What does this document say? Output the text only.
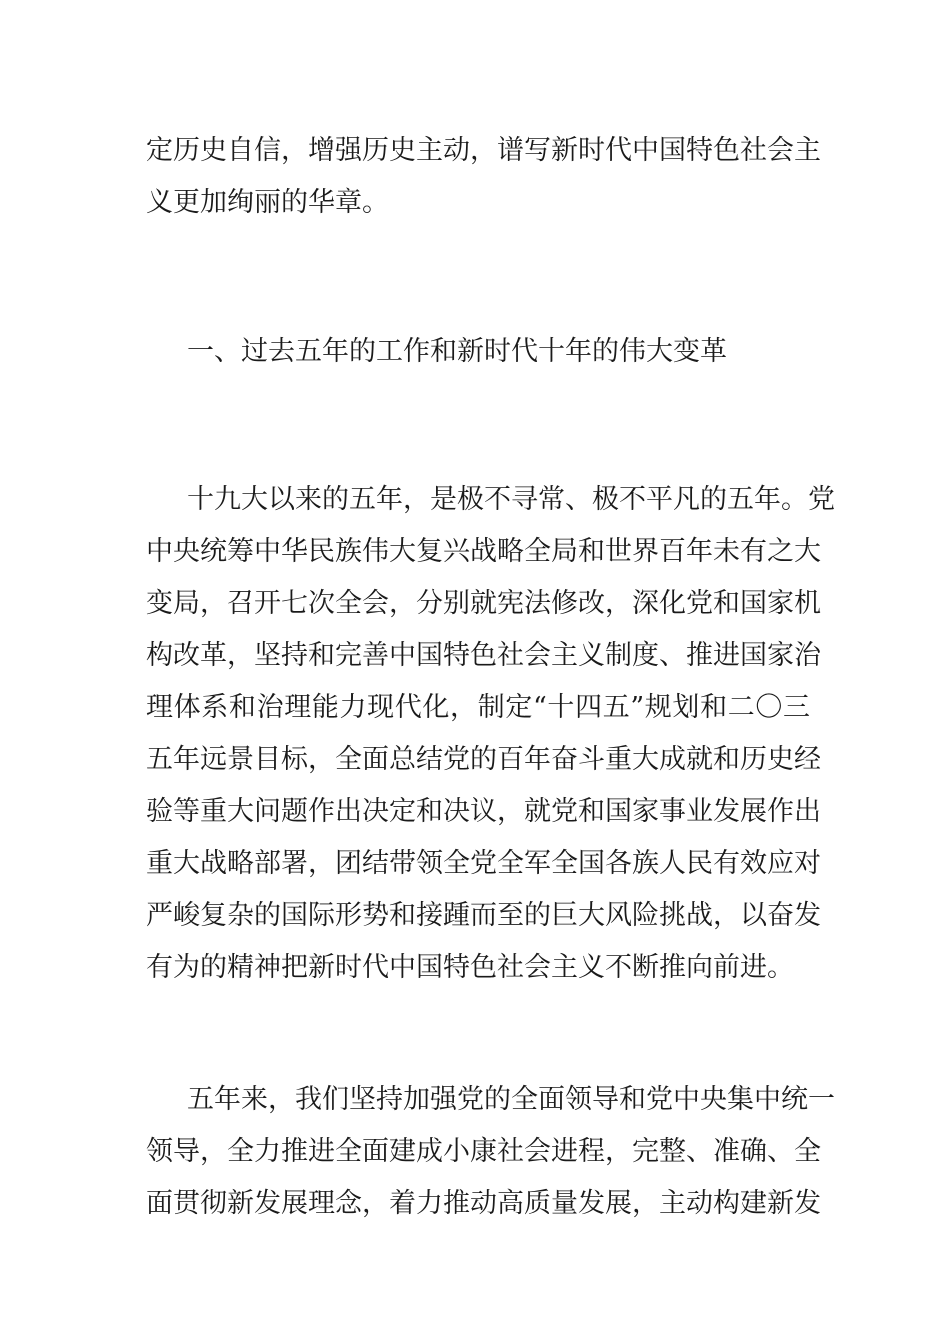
定历史自信，增强历史主动，谱写新时代中国特色社会主
义更加绚丽的华章。
一、过去五年的工作和新时代十年的伟大变革
十九大以来的五年，是极不寻常、极不平凡的五年。党
中央统筹中华民族伟大复兴战略全局和世界百年未有之大
变局，召开七次全会，分别就宪法修改，深化党和国家机
构改革，坚持和完善中国特色社会主义制度、推进国家治
理体系和治理能力现代化，制定“十四五”规划和二〇三
五年远景目标，全面总结党的百年奋斗重大成就和历史经
验等重大问题作出决定和决议，就党和国家事业发展作出
重大战略部署，团结带领全党全军全国各族人民有效应对
严峻复杂的国际形势和接踵而至的巨大风险挑战，以奋发
有为的精神把新时代中国特色社会主义不断推向前进。
五年来，我们坚持加强党的全面领导和党中央集中统一
领导，全力推进全面建成小康社会进程，完整、准确、全
面贯彻新发展理念，着力推动高质量发展，主动构建新发
